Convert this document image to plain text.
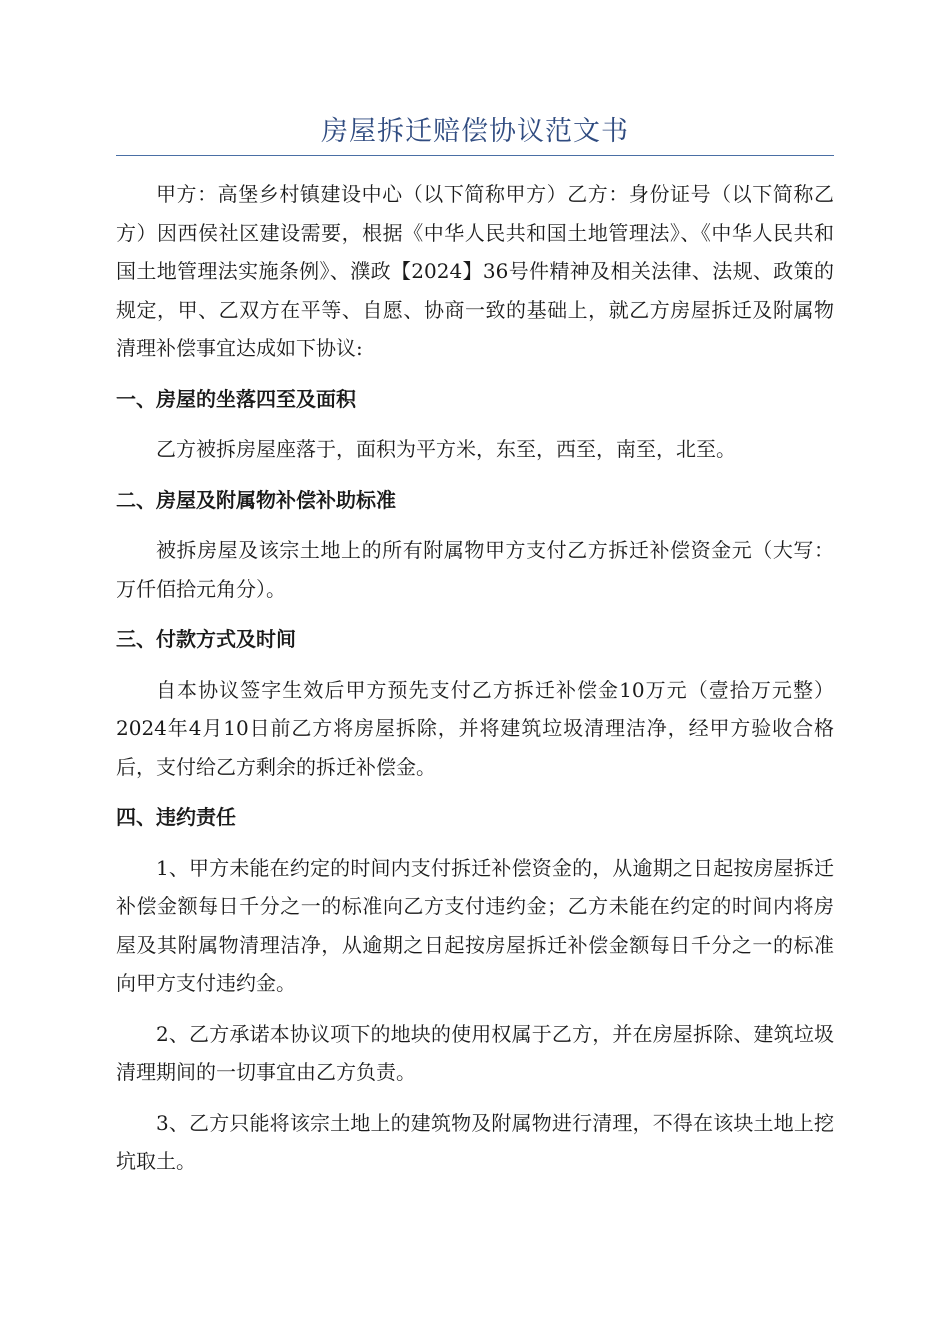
房屋拆迁赔偿协议范文书

甲方：高堡乡村镇建设中心（以下简称甲方）乙方：身份证号（以下简称乙方）因西侯社区建设需要，根据《中华人民共和国土地管理法》、《中华人民共和国土地管理法实施条例》、濮政【2024】36号件精神及相关法律、法规、政策的规定，甲、乙双方在平等、自愿、协商一致的基础上，就乙方房屋拆迁及附属物清理补偿事宜达成如下协议:

一、房屋的坐落四至及面积

乙方被拆房屋座落于，面积为平方米，东至，西至，南至，北至。

二、房屋及附属物补偿补助标准

被拆房屋及该宗土地上的所有附属物甲方支付乙方拆迁补偿资金元（大写：万仟佰拾元角分）。

三、付款方式及时间

自本协议签字生效后甲方预先支付乙方拆迁补偿金10万元（壹拾万元整）2024年4月10日前乙方将房屋拆除，并将建筑垃圾清理洁净，经甲方验收合格后，支付给乙方剩余的拆迁补偿金。

四、违约责任

1、甲方未能在约定的时间内支付拆迁补偿资金的，从逾期之日起按房屋拆迁补偿金额每日千分之一的标准向乙方支付违约金；乙方未能在约定的时间内将房屋及其附属物清理洁净，从逾期之日起按房屋拆迁补偿金额每日千分之一的标准向甲方支付违约金。

2、乙方承诺本协议项下的地块的使用权属于乙方，并在房屋拆除、建筑垃圾清理期间的一切事宜由乙方负责。

3、乙方只能将该宗土地上的建筑物及附属物进行清理，不得在该块土地上挖坑取土。
